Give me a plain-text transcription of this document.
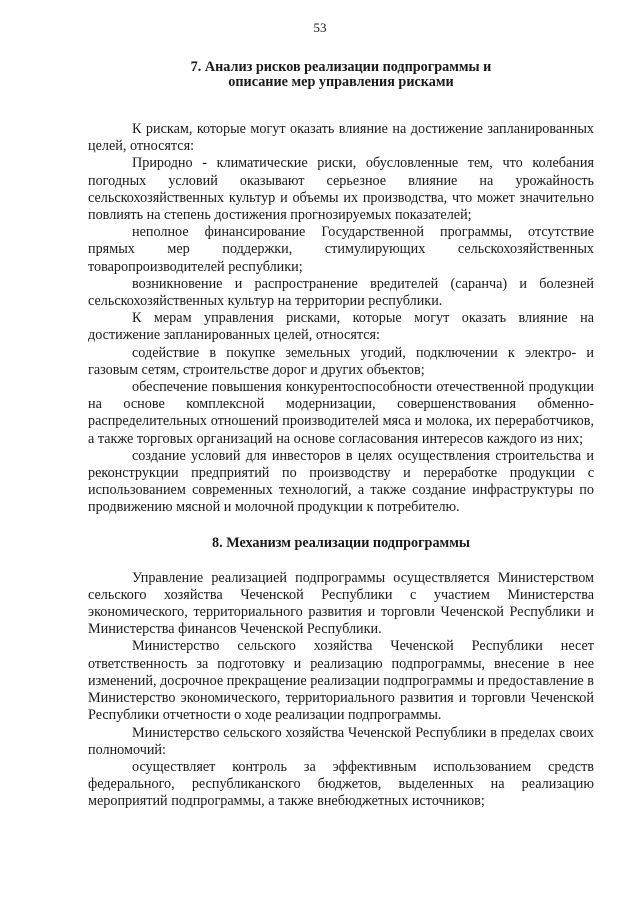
53
7. Анализ рисков реализации подпрограммы и
описание мер управления рисками

К рискам, которые могут оказать влияние на достижение запланированных целей, относятся:

Природно - климатические риски, обусловленные тем, что колебания погодных условий оказывают серьезное влияние на урожайность сельскохозяйственных культур и объемы их производства, что может значительно повлиять на степень достижения прогнозируемых показателей;

неполное финансирование Государственной программы, отсутствие прямых мер поддержки, стимулирующих сельскохозяйственных товаропроизводителей республики;

возникновение и распространение вредителей (саранча) и болезней сельскохозяйственных культур на территории республики.

К мерам управления рисками, которые могут оказать влияние на достижение запланированных целей, относятся:

содействие в покупке земельных угодий, подключении к электро- и газовым сетям, строительстве дорог и других объектов;

обеспечение повышения конкурентоспособности отечественной продукции на основе комплексной модернизации, совершенствования обменно-распределительных отношений производителей мяса и молока, их переработчиков, а также торговых организаций на основе согласования интересов каждого из них;

создание условий для инвесторов в целях осуществления строительства и реконструкции предприятий по производству и переработке продукции с использованием современных технологий, а также создание инфраструктуры по продвижению мясной и молочной продукции к потребителю.

8. Механизм реализации подпрограммы

Управление реализацией подпрограммы осуществляется Министерством сельского хозяйства Чеченской Республики с участием Министерства экономического, территориального развития и торговли Чеченской Республики и Министерства финансов Чеченской Республики.

Министерство сельского хозяйства Чеченской Республики несет ответственность за подготовку и реализацию подпрограммы, внесение в нее изменений, досрочное прекращение реализации подпрограммы и предоставление в Министерство экономического, территориального развития и торговли Чеченской Республики отчетности о ходе реализации подпрограммы.

Министерство сельского хозяйства Чеченской Республики в пределах своих полномочий:

осуществляет контроль за эффективным использованием средств федерального, республиканского бюджетов, выделенных на реализацию мероприятий подпрограммы, а также внебюджетных источников;
